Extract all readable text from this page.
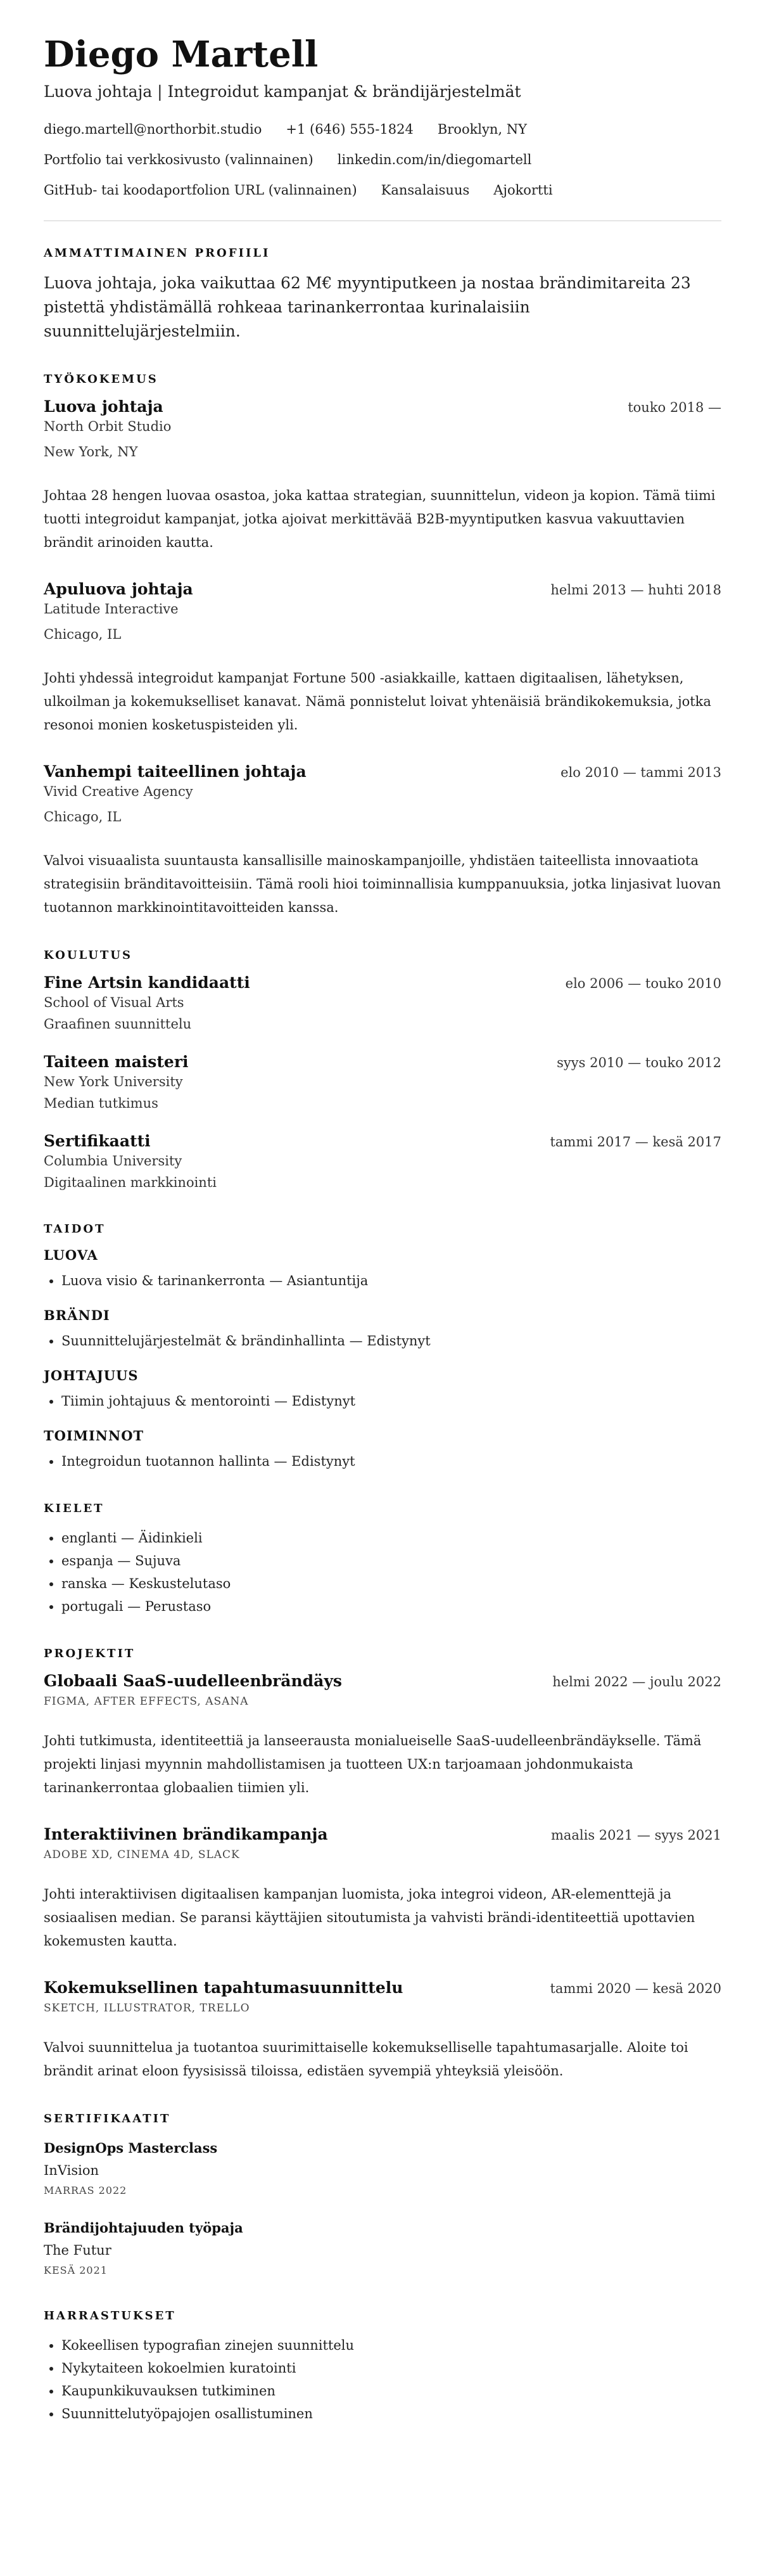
Diego Martell
Luova johtaja | Integroidut kampanjat & brändijärjestelmät
diego.martell@northorbit.studio +1 (646) 555-1824 Brooklyn, NY
Portfolio tai verkkosivusto (valinnainen) linkedin.com/in/diegomartell
GitHub- tai koodaportfolion URL (valinnainen) Kansalaisuus Ajokortti
AMMATTIMAINEN PROFIILI
Luova johtaja, joka vaikuttaa 62 M€ myyntiputkeen ja nostaa brändimitareita 23 pistettä yhdistämällä rohkeaa tarinankerrontaa kurinalaisiin suunnittelujärjestelmiin.
TYÖKOKEMUS
Luova johtaja	touko 2018 —
North Orbit Studio
New York, NY
Johtaa 28 hengen luovaa osastoa, joka kattaa strategian, suunnittelun, videon ja kopion. Tämä tiimi tuotti integroidut kampanjat, jotka ajoivat merkittävää B2B-myyntiputken kasvua vakuuttavien brändit arinoiden kautta.
Apuluova johtaja	helmi 2013 — huhti 2018
Latitude Interactive
Chicago, IL
Johti yhdessä integroidut kampanjat Fortune 500 -asiakkaille, kattaen digitaalisen, lähetyksen, ulkoilman ja kokemukselliset kanavat. Nämä ponnistelut loivat yhtenäisiä brändikokemuksia, jotka resonoi monien kosketuspisteiden yli.
Vanhempi taiteellinen johtaja	elo 2010 — tammi 2013
Vivid Creative Agency
Chicago, IL
Valvoi visuaalista suuntausta kansallisille mainoskampanjoille, yhdistäen taiteellista innovaatiota strategisiin bränditavoitteisiin. Tämä rooli hioi toiminnallisia kumppanuuksia, jotka linjasivat luovan tuotannon markkinointitavoitteiden kanssa.
KOULUTUS
Fine Artsin kandidaatti	elo 2006 — touko 2010
School of Visual Arts
Graafinen suunnittelu
Taiteen maisteri	syys 2010 — touko 2012
New York University
Median tutkimus
Sertifikaatti	tammi 2017 — kesä 2017
Columbia University
Digitaalinen markkinointi
TAIDOT
LUOVA
• Luova visio & tarinankerronta — Asiantuntija
BRÄNDI
• Suunnittelujärjestelmät & brändinhallinta — Edistynyt
JOHTAJUUS
• Tiimin johtajuus & mentorointi — Edistynyt
TOIMINNOT
• Integroidun tuotannon hallinta — Edistynyt
KIELET
• englanti — Äidinkieli
• espanja — Sujuva
• ranska — Keskustelutaso
• portugali — Perustaso
PROJEKTIT
Globaali SaaS-uudelleenbrändäys	helmi 2022 — joulu 2022
FIGMA, AFTER EFFECTS, ASANA
Johti tutkimusta, identiteettiä ja lanseerausta monialueiselle SaaS-uudelleenbrändäykselle. Tämä projekti linjasi myynnin mahdollistamisen ja tuotteen UX:n tarjoamaan johdonmukaista tarinankerrontaa globaalien tiimien yli.
Interaktiivinen brändikampanja	maalis 2021 — syys 2021
ADOBE XD, CINEMA 4D, SLACK
Johti interaktiivisen digitaalisen kampanjan luomista, joka integroi videon, AR-elementtejä ja sosiaalisen median. Se paransi käyttäjien sitoutumista ja vahvisti brändi-identiteettiä upottavien kokemusten kautta.
Kokemuksellinen tapahtumasuunnittelu	tammi 2020 — kesä 2020
SKETCH, ILLUSTRATOR, TRELLO
Valvoi suunnittelua ja tuotantoa suurimittaiselle kokemukselliselle tapahtumasarjalle. Aloite toi brändit arinat eloon fyysisissä tiloissa, edistäen syvempiä yhteyksiä yleisöön.
SERTIFIKAATIT
DesignOps Masterclass
InVision
MARRAS 2022
Brändijohtajuuden työpaja
The Futur
KESÄ 2021
HARRASTUKSET
• Kokeellisen typografian zinejen suunnittelu
• Nykytaiteen kokoelmien kuratointi
• Kaupunkikuvauksen tutkiminen
• Suunnittelutyöpajojen osallistuminen
